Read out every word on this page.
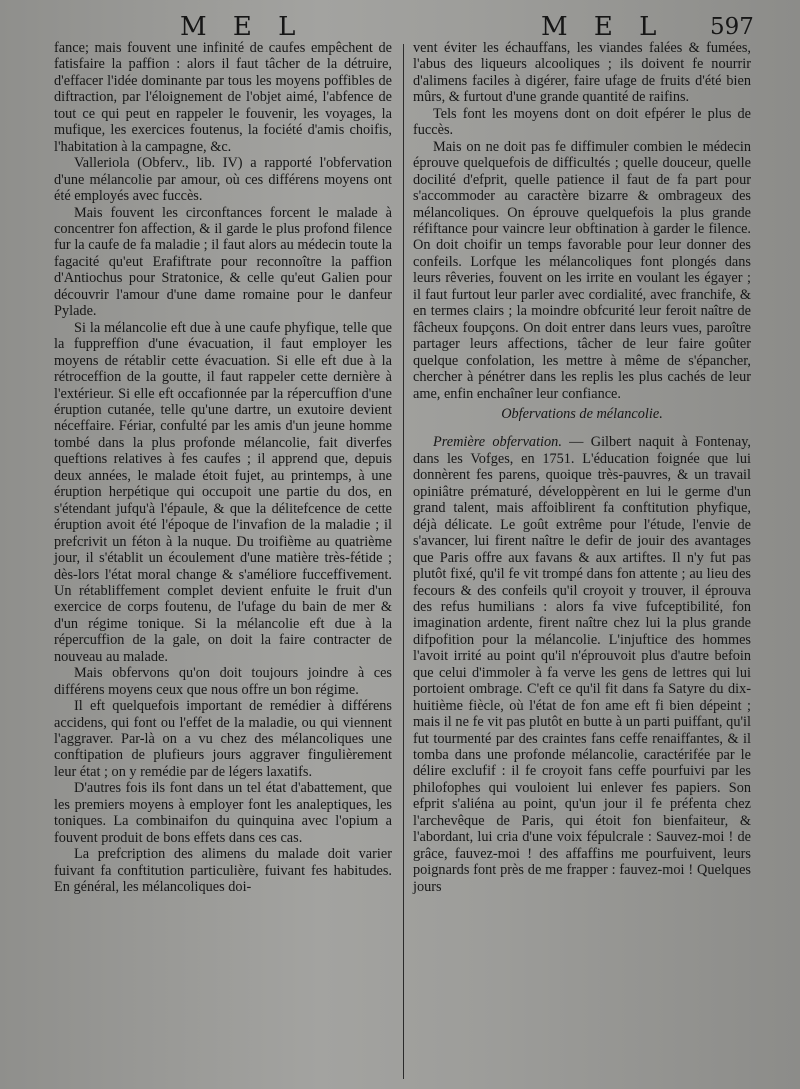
M E L	M E L 597

fance; mais fouvent une infinité de caufes empêchent de fatisfaire la paffion : alors il faut tâcher de la détruire, d'effacer l'idée dominante par tous les moyens poffibles de diftraction, par l'éloignement de l'objet aimé, l'abfence de tout ce qui peut en rappeler le fouvenir, les voyages, la mufique, les exercices foutenus, la fociété d'amis choifis, l'habitation à la campagne, &c.

Valleriola (Obferv., lib. IV) a rapporté l'obfervation d'une mélancolie par amour, où ces différens moyens ont été employés avec fuccès.

Mais fouvent les circonftances forcent le malade à concentrer fon affection, & il garde le plus profond filence fur la caufe de fa maladie ; il faut alors au médecin toute la fagacité qu'eut Erafiftrate pour reconnoître la paffion d'Antiochus pour Stratonice, & celle qu'eut Galien pour découvrir l'amour d'une dame romaine pour le danfeur Pylade.

Si la mélancolie eft due à une caufe phyfique, telle que la fuppreffion d'une évacuation, il faut employer les moyens de rétablir cette évacuation. Si elle eft due à la rétroceffion de la goutte, il faut rappeler cette dernière à l'extérieur. Si elle eft occafionnée par la répercuffion d'une éruption cutanée, telle qu'une dartre, un exutoire devient néceffaire. Fériar, confulté par les amis d'un jeune homme tombé dans la plus profonde mélancolie, fait diverfes queftions relatives à fes caufes ; il apprend que, depuis deux années, le malade étoit fujet, au printemps, à une éruption herpétique qui occupoit une partie du dos, en s'étendant jufqu'à l'épaule, & que la délitefcence de cette éruption avoit été l'époque de l'invafion de la maladie ; il prefcrivit un féton à la nuque. Du troifième au quatrième jour, il s'établit un écoulement d'une matière très-fétide ; dès-lors l'état moral change & s'améliore fucceffivement. Un rétabliffement complet devient enfuite le fruit d'un exercice de corps foutenu, de l'ufage du bain de mer & d'un régime tonique. Si la mélancolie eft due à la répercuffion de la gale, on doit la faire contracter de nouveau au malade.

Mais obfervons qu'on doit toujours joindre à ces différens moyens ceux que nous offre un bon régime.

Il eft quelquefois important de remédier à différens accidens, qui font ou l'effet de la maladie, ou qui viennent l'aggraver. Par-là on a vu chez des mélancoliques une conftipation de plufieurs jours aggraver fingulièrement leur état ; on y remédie par de légers laxatifs.

D'autres fois ils font dans un tel état d'abattement, que les premiers moyens à employer font les analeptiques, les toniques. La combinaifon du quinquina avec l'opium a fouvent produit de bons effets dans ces cas.

La prefcription des alimens du malade doit varier fuivant fa conftitution particulière, fuivant fes habitudes. En général, les mélancoliques doi-

vent éviter les échauffans, les viandes falées & fumées, l'abus des liqueurs alcooliques ; ils doivent fe nourrir d'alimens faciles à digérer, faire ufage de fruits d'été bien mûrs, & furtout d'une grande quantité de raifins.

Tels font les moyens dont on doit efpérer le plus de fuccès.

Mais on ne doit pas fe diffimuler combien le médecin éprouve quelquefois de difficultés ; quelle douceur, quelle docilité d'efprit, quelle patience il faut de fa part pour s'accommoder au caractère bizarre & ombrageux des mélancoliques. On éprouve quelquefois la plus grande réfiftance pour vaincre leur obftination à garder le filence. On doit choifir un temps favorable pour leur donner des confeils. Lorfque les mélancoliques font plongés dans leurs rêveries, fouvent on les irrite en voulant les égayer ; il faut furtout leur parler avec cordialité, avec franchife, & en termes clairs ; la moindre obfcurité leur feroit naître de fâcheux foupçons. On doit entrer dans leurs vues, paroître partager leurs affections, tâcher de leur faire goûter quelque confolation, les mettre à même de s'épancher, chercher à pénétrer dans les replis les plus cachés de leur ame, enfin enchaîner leur confiance.

Obfervations de mélancolie.

Première obfervation. — Gilbert naquit à Fontenay, dans les Vofges, en 1751. L'éducation foignée que lui donnèrent fes parens, quoique très-pauvres, & un travail opiniâtre prématuré, développèrent en lui le germe d'un grand talent, mais affoiblirent fa conftitution phyfique, déjà délicate. Le goût extrême pour l'étude, l'envie de s'avancer, lui firent naître le defir de jouir des avantages que Paris offre aux favans & aux artiftes. Il n'y fut pas plutôt fixé, qu'il fe vit trompé dans fon attente ; au lieu des fecours & des confeils qu'il croyoit y trouver, il éprouva des refus humilians : alors fa vive fufceptibilité, fon imagination ardente, firent naître chez lui la plus grande difpofition pour la mélancolie. L'injuftice des hommes l'avoit irrité au point qu'il n'éprouvoit plus d'autre befoin que celui d'immoler à fa verve les gens de lettres qui lui portoient ombrage. C'eft ce qu'il fit dans fa Satyre du dix-huitième fiècle, où l'état de fon ame eft fi bien dépeint ; mais il ne fe vit pas plutôt en butte à un parti puiffant, qu'il fut tourmenté par des craintes fans ceffe renaiffantes, & il tomba dans une profonde mélancolie, caractérifée par le délire exclufif : il fe croyoit fans ceffe pourfuivi par les philofophes qui vouloient lui enlever fes papiers. Son efprit s'aliéna au point, qu'un jour il fe préfenta chez l'archevêque de Paris, qui étoit fon bienfaiteur, & l'abordant, lui cria d'une voix fépulcrale : Sauvez-moi ! de grâce, fauvez-moi ! des affaffins me pourfuivent, leurs poignards font près de me frapper : fauvez-moi ! Quelques jours
